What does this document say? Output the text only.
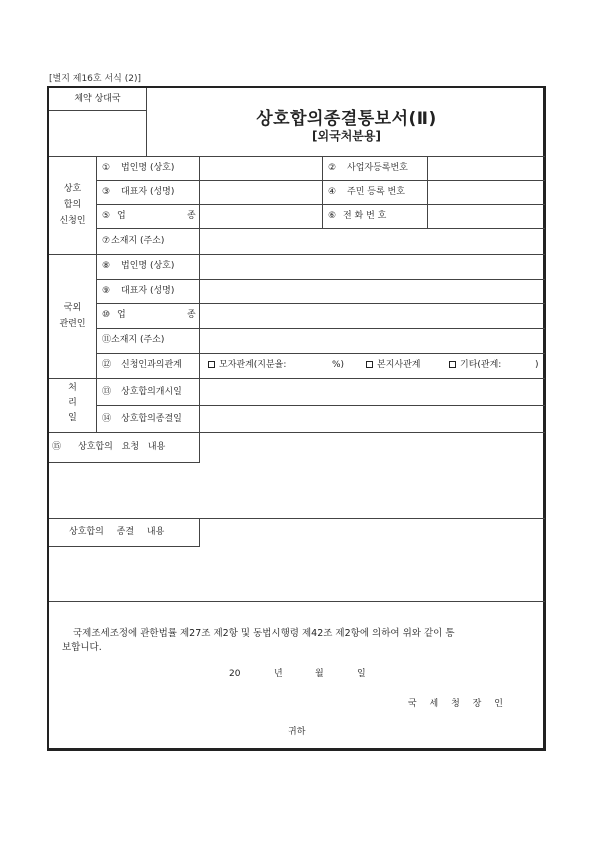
[별지 제16호 서식 (2)]
체약 상대국
상호합의종결통보서(Ⅱ)
[외국처분용]
상호
합의
신청인
① 법인명 (상호)	② 사업자등록번호
③ 대표자 (성명)	④ 주민 등록 번호
⑤ 업	종	⑥ 전 화 번 호
⑦ 소재지 (주소)
국외
관련인
⑧ 법인명 (상호)
⑨ 대표자 (성명)
⑩ 업	종
⑪ 소재지 (주소)
⑫ 신청인과의관계	모자관계(지분율:	%)	본지사관계	기타(관계:	)
처
리
일
⑬ 상호합의개시일
⑭ 상호합의종결일
⑮ 상호합의 요청 내용
상호합의 종결 내용
국제조세조정에 관한법률 제27조 제2항 및 동법시행령 제42조 제2항에 의하여 위와 같이 통
보합니다.
20	년	월	일
국 세 청 장 인
귀하
